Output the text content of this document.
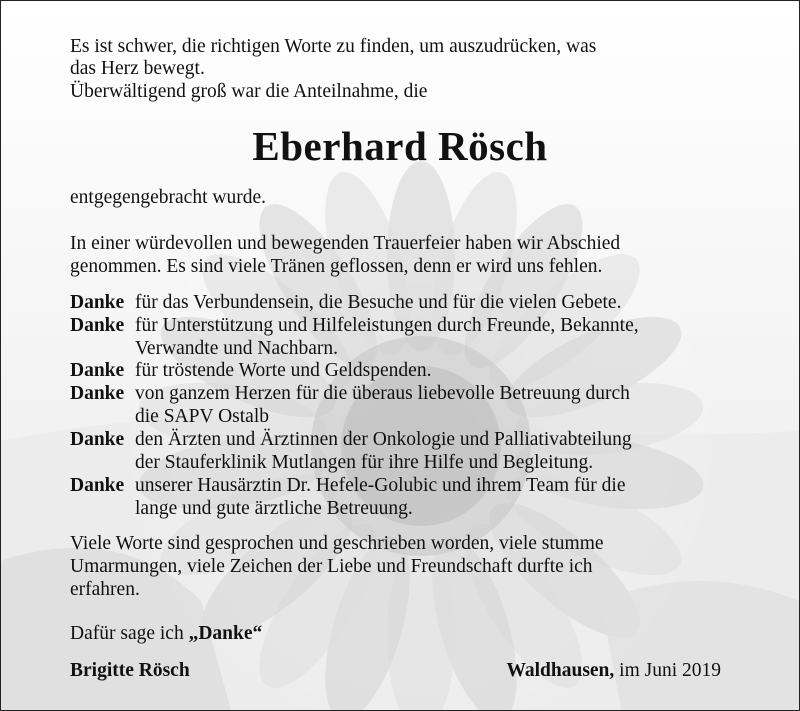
Es ist schwer, die richtigen Worte zu finden, um auszudrücken, was
das Herz bewegt.
Überwältigend groß war die Anteilnahme, die
Eberhard Rösch
entgegengebracht wurde.
In einer würdevollen und bewegenden Trauerfeier haben wir Abschied
genommen. Es sind viele Tränen geflossen, denn er wird uns fehlen.
Danke für das Verbundensein, die Besuche und für die vielen Gebete.
Danke für Unterstützung und Hilfeleistungen durch Freunde, Bekannte,
Verwandte und Nachbarn.
Danke für tröstende Worte und Geldspenden.
Danke von ganzem Herzen für die überaus liebevolle Betreuung durch
die SAPV Ostalb
Danke den Ärzten und Ärztinnen der Onkologie und Palliativabteilung
der Stauferklinik Mutlangen für ihre Hilfe und Begleitung.
Danke unserer Hausärztin Dr. Hefele-Golubic und ihrem Team für die
lange und gute ärztliche Betreuung.
Viele Worte sind gesprochen und geschrieben worden, viele stumme
Umarmungen, viele Zeichen der Liebe und Freundschaft durfte ich
erfahren.
Dafür sage ich „Danke“
Brigitte Rösch	Waldhausen, im Juni 2019
